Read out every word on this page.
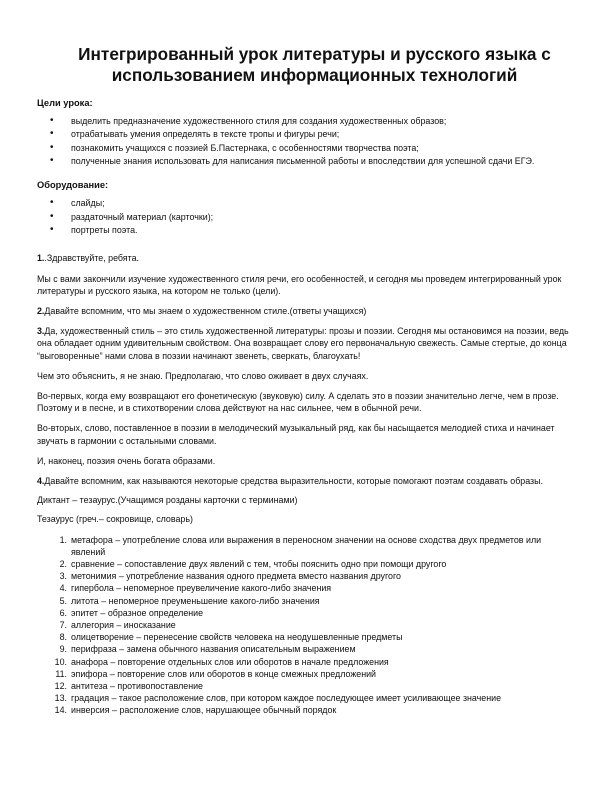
Интегрированный урок литературы и русского языка с использованием информационных технологий
Цели урока:
• выделить предназначение художественного стиля для создания художественных образов;
• отрабатывать умения определять в тексте тропы и фигуры речи;
• познакомить учащихся с поэзией Б.Пастернака, с особенностями творчества поэта;
• полученные знания использовать для написания письменной работы и впоследствии для успешной сдачи ЕГЭ.
Оборудование:
• слайды;
• раздаточный материал (карточки);
• портреты поэта.

1..Здравствуйте, ребята.

Мы с вами закончили изучение художественного стиля речи, его особенностей, и сегодня мы проведем интегрированный урок литературы и русского языка, на котором не только (цели).

2.Давайте вспомним, что мы знаем о художественном стиле.(ответы учащихся)

3.Да, художественный стиль – это стиль художественной литературы: прозы и поэзии. Сегодня мы остановимся на поэзии, ведь она обладает одним удивительным свойством. Она возвращает слову его первоначальную свежесть. Самые стертые, до конца “выговоренные” нами слова в поэзии начинают звенеть, сверкать, благоухать!

Чем это объяснить, я не знаю. Предполагаю, что слово оживает в двух случаях.

Во-первых, когда ему возвращают его фонетическую (звуковую) силу. А сделать это в поэзии значительно легче, чем в прозе. Поэтому и в песне, и в стихотворении слова действуют на нас сильнее, чем в обычной речи.

Во-вторых, слово, поставленное в поэзии в мелодический музыкальный ряд, как бы насыщается мелодией стиха и начинает звучать в гармонии с остальными словами.

И, наконец, поэзия очень богата образами.

4.Давайте вспомним, как называются некоторые средства выразительности, которые помогают поэтам создавать образы.

Диктант – тезаурус.(Учащимся розданы карточки с терминами)

Тезаурус (греч.– сокровище, словарь)

1. метафора – употребление слова или выражения в переносном значении на основе сходства двух предметов или явлений
2. сравнение – сопоставление двух явлений с тем, чтобы пояснить одно при помощи другого
3. метонимия – употребление названия одного предмета вместо названия другого
4. гипербола – непомерное преувеличение какого-либо значения
5. литота – непомерное преуменьшение какого-либо значения
6. эпитет – образное определение
7. аллегория – иносказание
8. олицетворение – перенесение свойств человека на неодушевленные предметы
9. перифраза – замена обычного названия описательным выражением
10. анафора – повторение отдельных слов или оборотов в начале предложения
11. эпифора – повторение слов или оборотов в конце смежных предложений
12. антитеза – противопоставление
13. градация – такое расположение слов, при котором каждое последующее имеет усиливающее значение
14. инверсия – расположение слов, нарушающее обычный порядок
